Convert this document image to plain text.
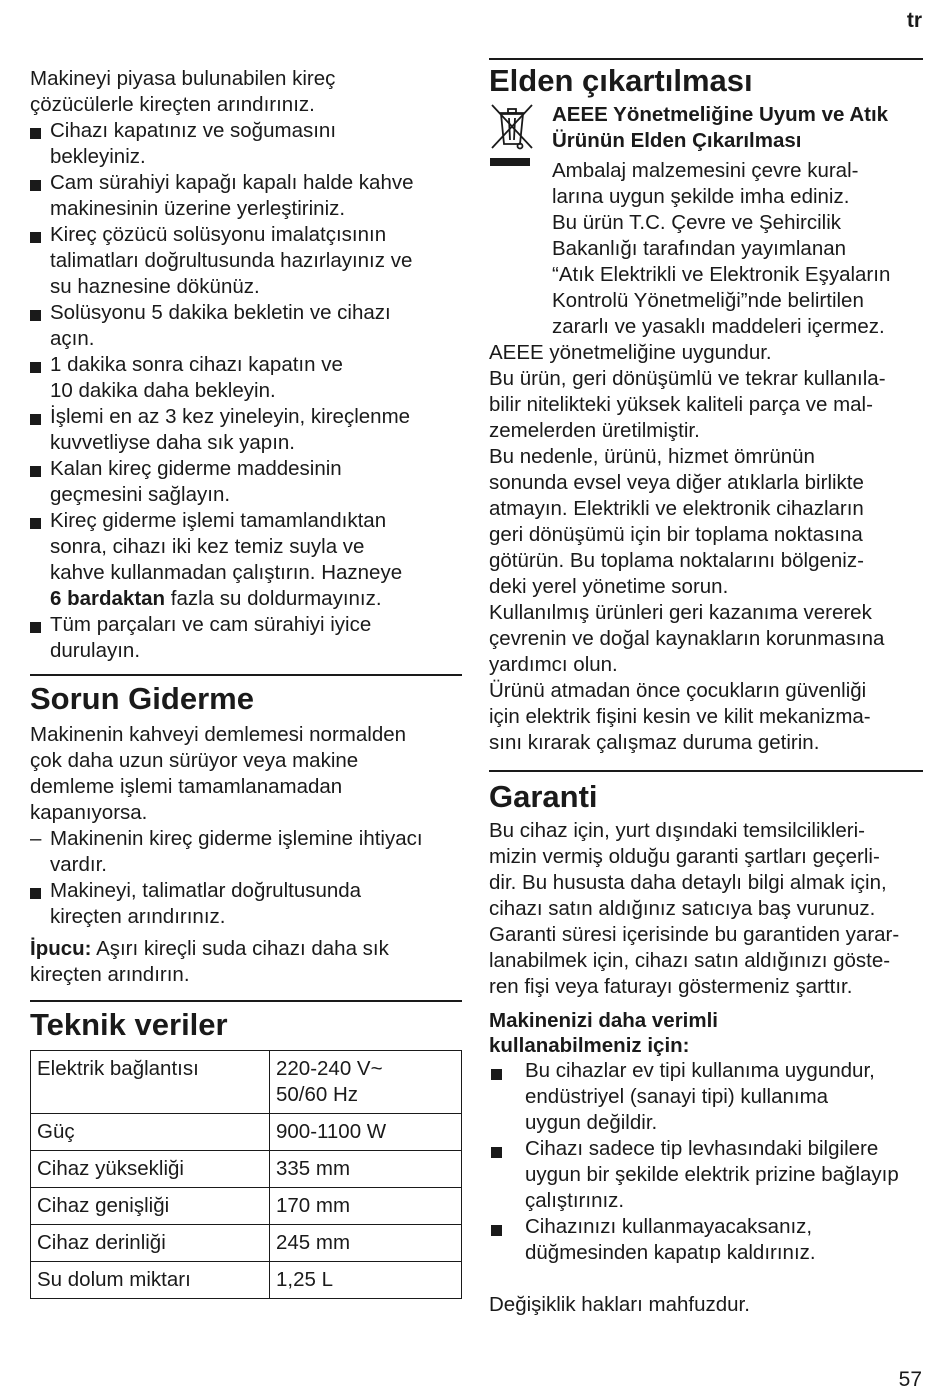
tr

Makineyi piyasa bulunabilen kireç
çözücülerle kireçten arındırınız.

Cihazı kapatınız ve soğumasını
bekleyiniz.
Cam sürahiyi kapağı kapalı halde kahve
makinesinin üzerine yerleştiriniz.
Kireç çözücü solüsyonu imalatçısının
talimatları doğrultusunda hazırlayınız ve
su haznesine dökünüz.
Solüsyonu 5 dakika bekletin ve cihazı
açın.
1 dakika sonra cihazı kapatın ve
10 dakika daha bekleyin.
İşlemi en az 3 kez yineleyin, kireçlenme
kuvvetliyse daha sık yapın.
Kalan kireç giderme maddesinin
geçmesini sağlayın.
Kireç giderme işlemi tamamlandıktan
sonra, cihazı iki kez temiz suyla ve
kahve kullanmadan çalıştırın. Hazneye
6 bardaktan fazla su doldurmayınız.
Tüm parçaları ve cam sürahiyi iyice
durulayın.
Sorun Giderme

Makinenin kahveyi demlemesi normalden
çok daha uzun sürüyor veya makine
demleme işlemi tamamlanamadan
kapanıyorsa.

– Makinenin kireç giderme işlemine ihtiyacı
vardır.
Makineyi, talimatlar doğrultusunda
kireçten arındırınız.

İpucu: Aşırı kireçli suda cihazı daha sık
kireçten arındırın.

Teknik veriler
Elektrik bağlantısı	220-240 V~
50/60 Hz
Güç	900-1100 W
Cihaz yüksekliği	335 mm
Cihaz genişliği	170 mm
Cihaz derinliği	245 mm
Su dolum miktarı	1,25 L
Elden çıkartılması

AEEE Yönetmeliğine Uyum ve Atık
Ürünün Elden Çıkarılması

Ambalaj malzemesini çevre kural-
larına uygun şekilde imha ediniz.
Bu ürün T.C. Çevre ve Şehircilik
Bakanlığı tarafından yayımlanan
“Atık Elektrikli ve Elektronik Eşyaların
Kontrolü Yönetmeliği”nde belirtilen
zararlı ve yasaklı maddeleri içermez.

AEEE yönetmeliğine uygundur.

Bu ürün, geri dönüşümlü ve tekrar kullanıla-
bilir nitelikteki yüksek kaliteli parça ve mal-
zemelerden üretilmiştir.

Bu nedenle, ürünü, hizmet ömrünün
sonunda evsel veya diğer atıklarla birlikte
atmayın. Elektrikli ve elektronik cihazların
geri dönüşümü için bir toplama noktasına
götürün. Bu toplama noktalarını bölgeniz-
deki yerel yönetime sorun.

Kullanılmış ürünleri geri kazanıma vererek
çevrenin ve doğal kaynakların korunmasına
yardımcı olun.

Ürünü atmadan önce çocukların güvenliği
için elektrik fişini kesin ve kilit mekanizma-
sını kırarak çalışmaz duruma getirin.

Garanti

Bu cihaz için, yurt dışındaki temsilcilikleri-
mizin vermiş olduğu garanti şartları geçerli-
dir. Bu hususta daha detaylı bilgi almak için,
cihazı satın aldığınız satıcıya baş vurunuz.
Garanti süresi içerisinde bu garantiden yarar-
lanabilmek için, cihazı satın aldığınızı göste-
ren fişi veya faturayı göstermeniz şarttır.

Makinenizi daha verimli
kullanabilmeniz için:

Bu cihazlar ev tipi kullanıma uygundur,
endüstriyel (sanayi tipi) kullanıma
uygun değildir.
Cihazı sadece tip levhasındaki bilgilere
uygun bir şekilde elektrik prizine bağlayıp
çalıştırınız.
Cihazınızı kullanmayacaksanız,
düğmesinden kapatıp kaldırınız.

Değişiklik hakları mahfuzdur.

57
